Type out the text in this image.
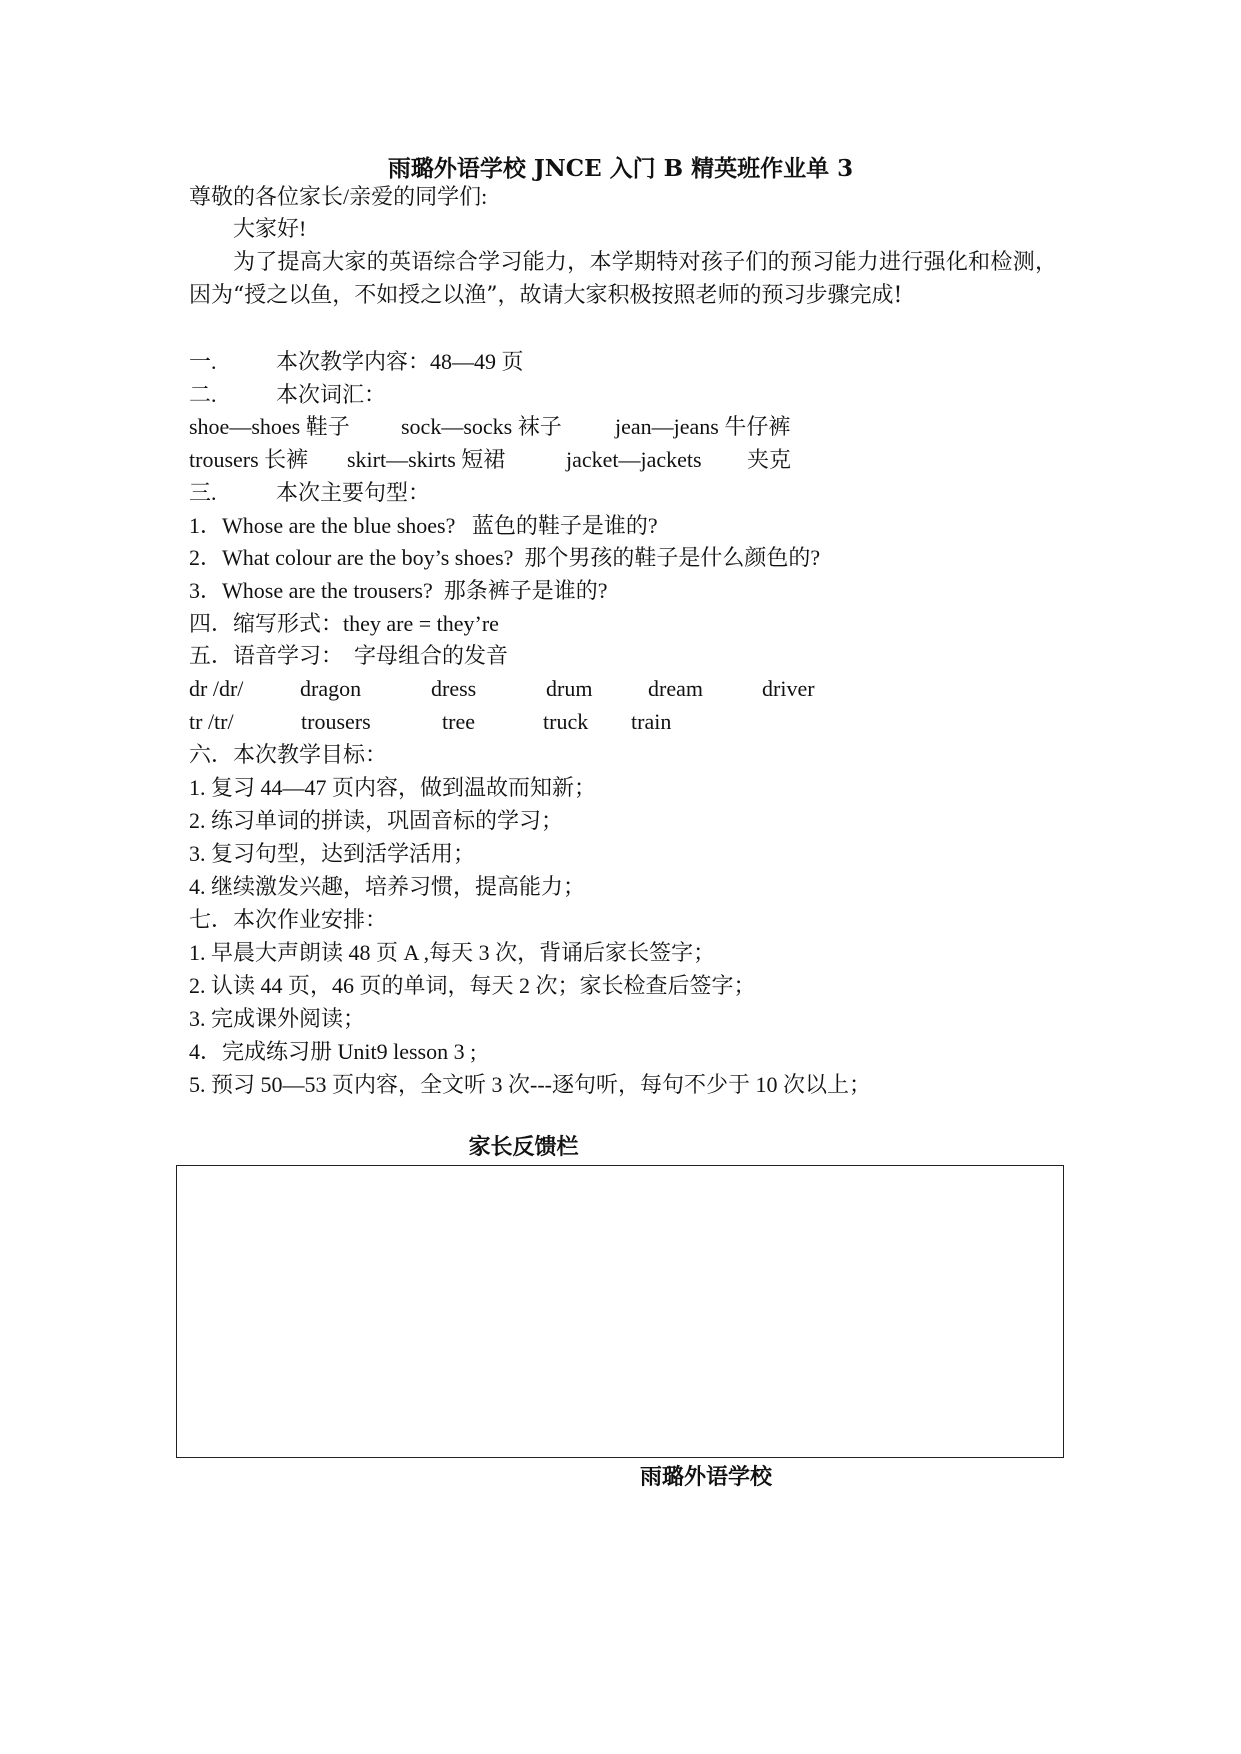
雨璐外语学校 JNCE 入门 B 精英班作业单 3
尊敬的各位家长/亲爱的同学们:
大家好!
为了提高大家的英语综合学习能力，本学期特对孩子们的预习能力进行强化和检测，因为“授之以鱼，不如授之以渔”，故请大家积极按照老师的预习步骤完成!
一.	本次教学内容：48—49 页
二.	本次词汇：
shoe—shoes 鞋子 sock—socks 袜子 jean—jeans 牛仔裤
trousers 长裤 skirt—skirts 短裙	jacket—jackets 夹克
三.	本次主要句型：
1．Whose are the blue shoes?   蓝色的鞋子是谁的?
2．What colour are the boy’s shoes?  那个男孩的鞋子是什么颜色的?
3．Whose are the trousers?  那条裤子是谁的?
四．缩写形式：they are = they’re
五．语音学习：  字母组合的发音
dr /dr/	dragon	dress	drum	dream	driver
tr /tr/	trousers	tree	truck train
六．本次教学目标：
1. 复习 44—47 页内容，做到温故而知新；
2. 练习单词的拼读，巩固音标的学习；
3. 复习句型，达到活学活用；
4. 继续激发兴趣，培养习惯，提高能力；
七．本次作业安排：
1. 早晨大声朗读 48 页 A ,每天 3 次，背诵后家长签字；
2. 认读 44 页，46 页的单词，每天 2 次；家长检查后签字；
3. 完成课外阅读；
4．完成练习册 Unit9 lesson 3 ;
5. 预习 50—53 页内容，全文听 3 次---逐句听，每句不少于 10 次以上；
家长反馈栏
雨璐外语学校
